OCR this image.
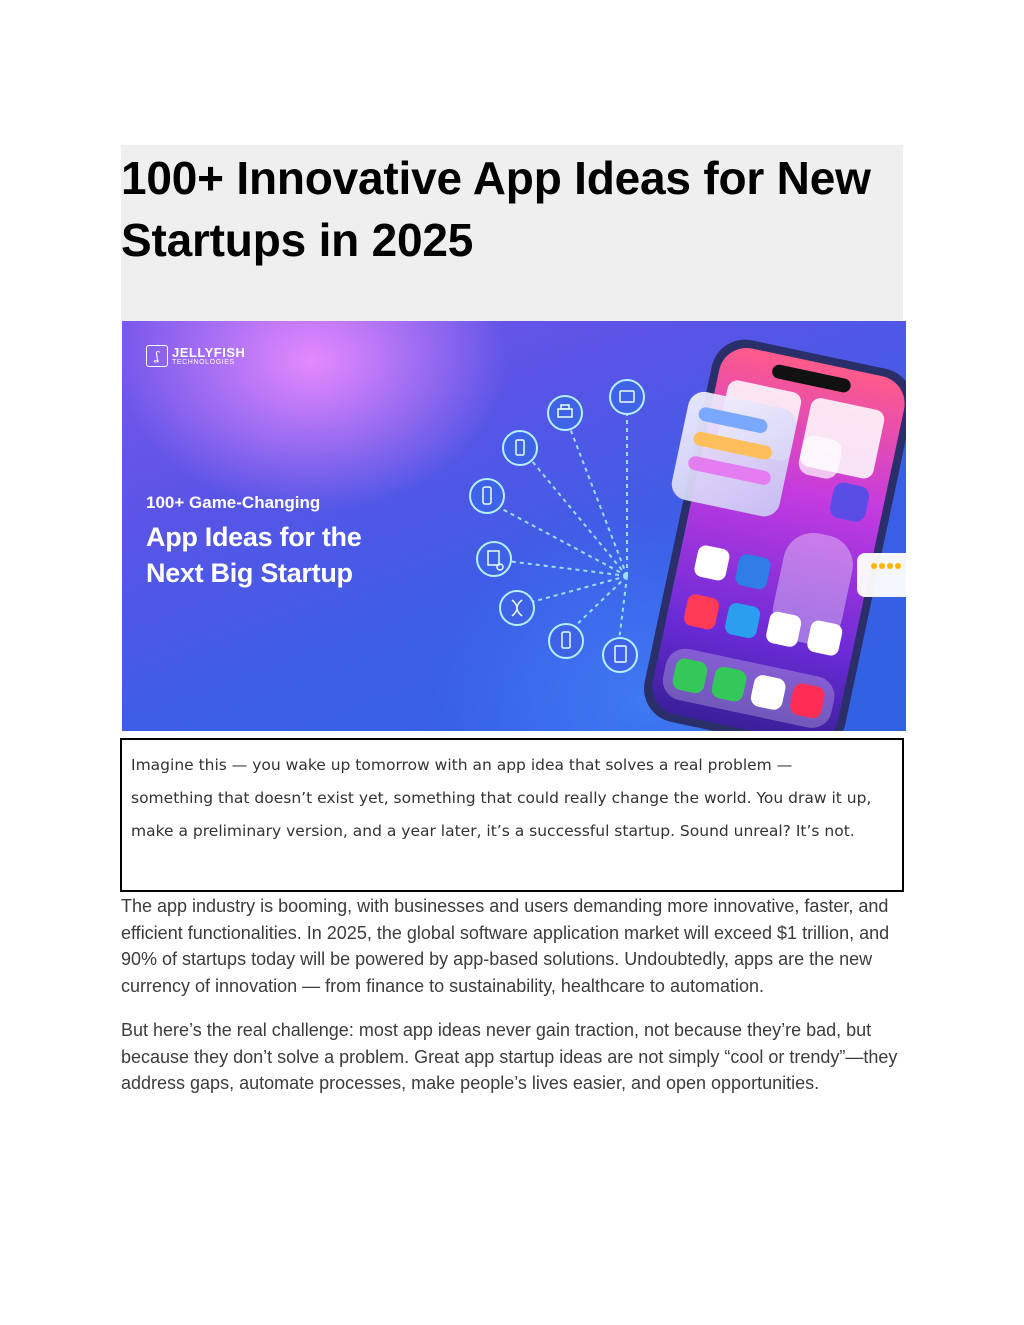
100+ Innovative App Ideas for New Startups in 2025
ʆ	JELLYFISH
TECHNOLOGIES
100+ Game-Changing
App Ideas for the
Next Big Startup

Imagine this — you wake up tomorrow with an app idea that solves a real problem — something that doesn’t exist yet, something that could really change the world. You draw it up, make a preliminary version, and a year later, it’s a successful startup. Sound unreal? It’s not.

The app industry is booming, with businesses and users demanding more innovative, faster, and efficient functionalities. In 2025, the global software application market will exceed $1 trillion, and 90% of startups today will be powered by app-based solutions. Undoubtedly, apps are the new currency of innovation — from finance to sustainability, healthcare to automation.

But here’s the real challenge: most app ideas never gain traction, not because they’re bad, but because they don’t solve a problem. Great app startup ideas are not simply “cool or trendy”—they address gaps, automate processes, make people’s lives easier, and open opportunities.
